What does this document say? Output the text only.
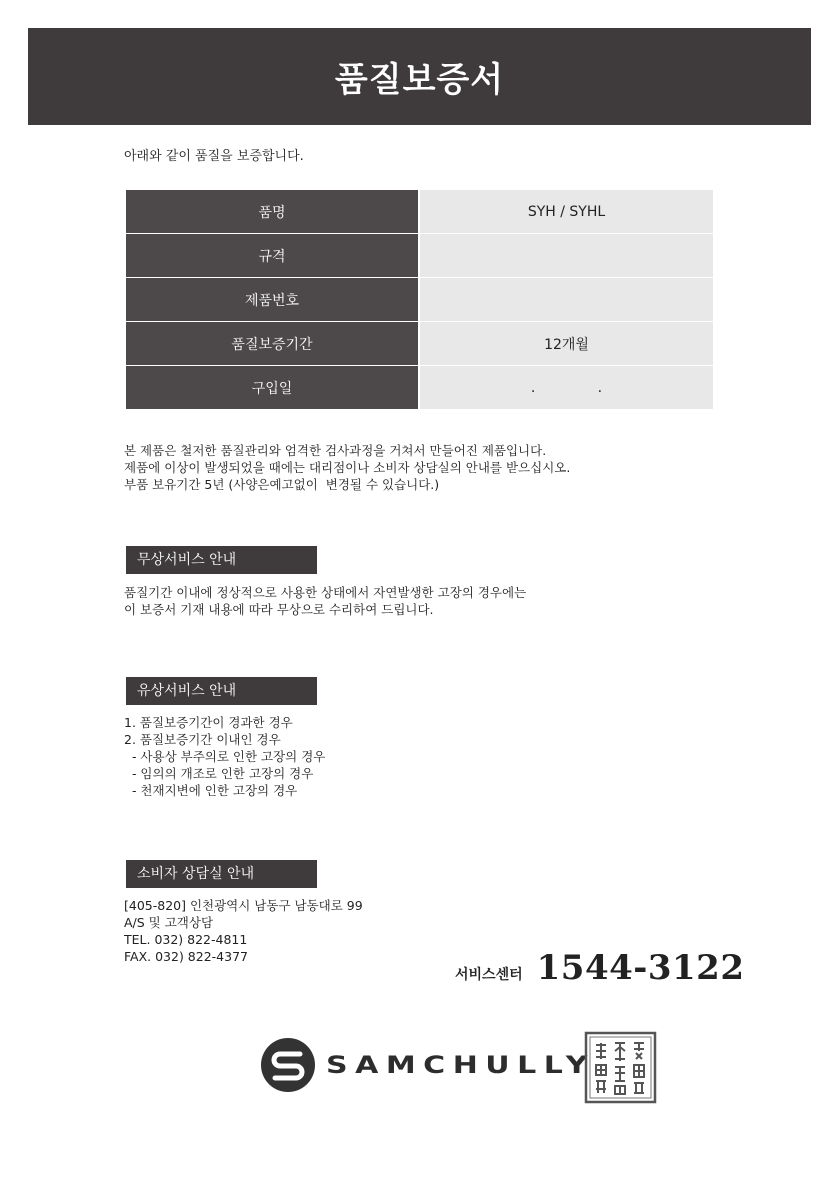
품질보증서
아래와 같이 품질을 보증합니다.
품명	SYH / SYHL
규격	
제품번호	
품질보증기간	12개월
구입일	.              .
본 제품은 철저한 품질관리와 엄격한 검사과정을 거쳐서 만들어진 제품입니다.
제품에 이상이 발생되었을 때에는 대리점이나 소비자 상담실의 안내를 받으십시오.
부품 보유기간 5년 (사양은예고없이  변경될 수 있습니다.)
무상서비스 안내
품질기간 이내에 정상적으로 사용한 상태에서 자연발생한 고장의 경우에는
이 보증서 기재 내용에 따라 무상으로 수리하여 드립니다.
유상서비스 안내
1. 품질보증기간이 경과한 경우
2. 품질보증기간 이내인 경우
- 사용상 부주의로 인한 고장의 경우
- 임의의 개조로 인한 고장의 경우
- 천재지변에 인한 고장의 경우
소비자 상담실 안내
[405-820] 인천광역시 남동구 남동대로 99
A/S 및 고객상담
TEL. 032) 822-4811
FAX. 032) 822-4377
서비스센터 1544-3122
SAMCHULLY
